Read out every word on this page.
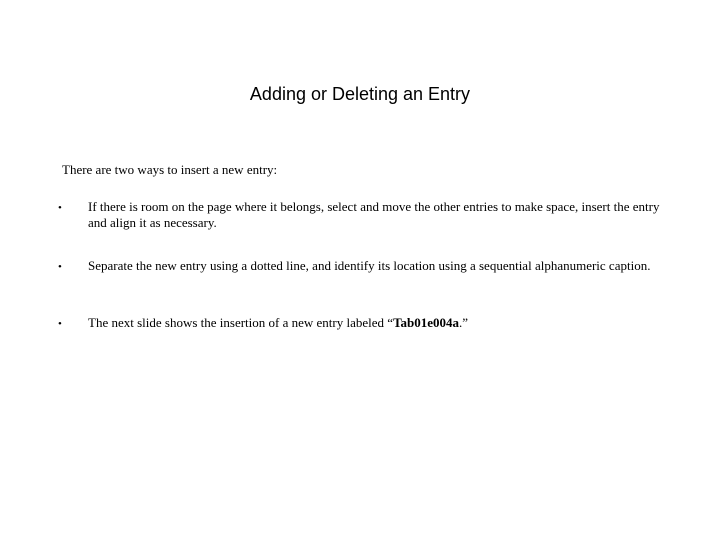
Adding or Deleting an Entry
There are two ways to insert a new entry:
•	If there is room on the page where it belongs, select and move the other entries to make space, insert the entry and align it as necessary.
•	Separate the new entry using a dotted line, and identify its location using a sequential alphanumeric caption.
•	The next slide shows the insertion of a new entry labeled “Tab01e004a.”
